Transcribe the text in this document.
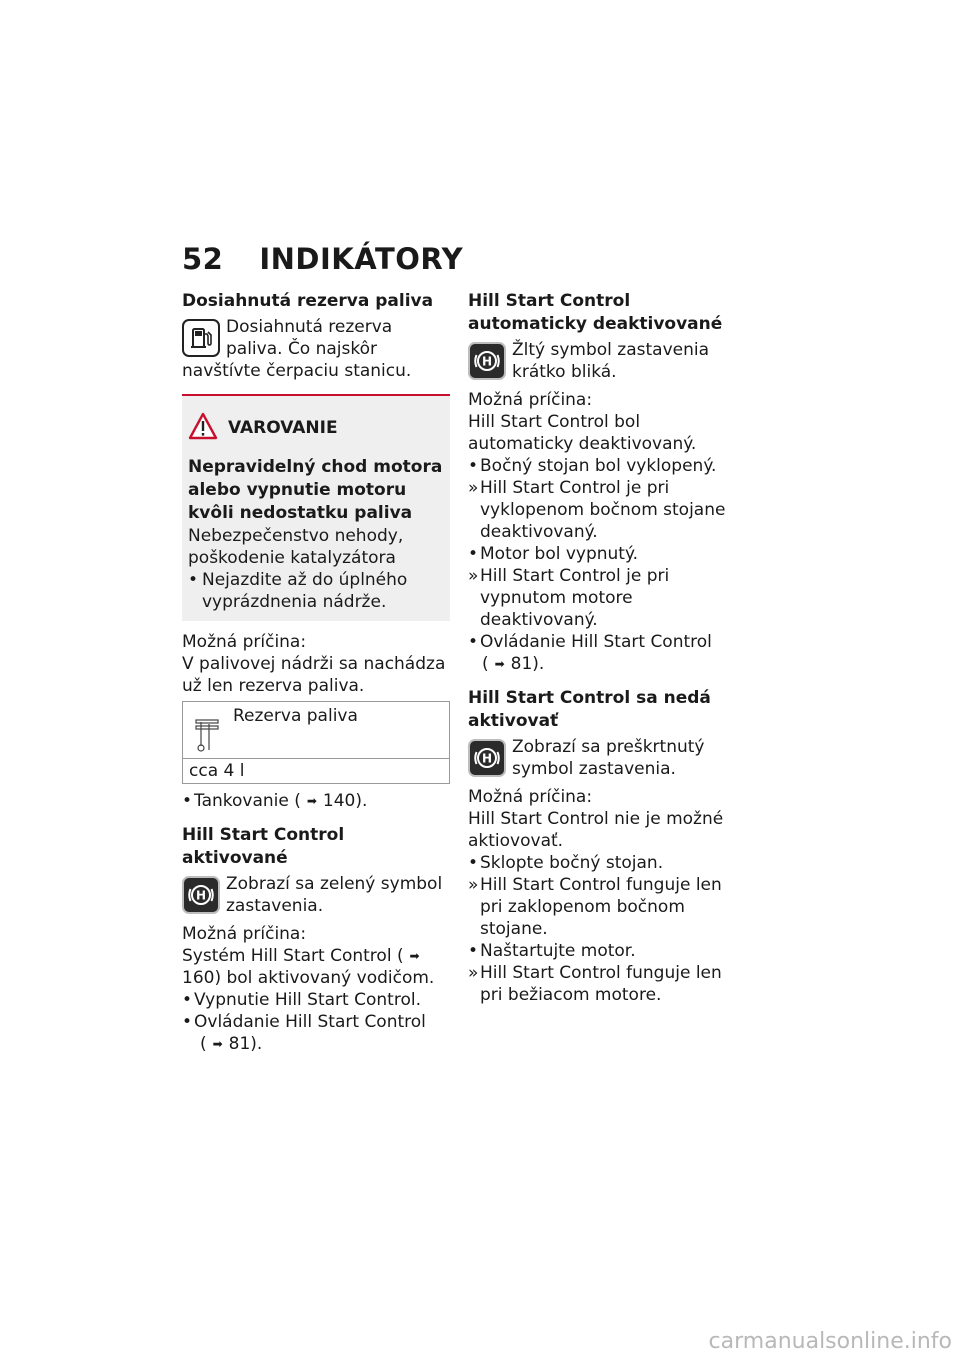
52 INDIKÁTORY
Dosiahnutá rezerva paliva

Dosiahnutá rezerva paliva. Čo najskôr navštívte čerpaciu stanicu.

VAROVANIE
Nepravidelný chod motora alebo vypnutie motoru kvôli nedostatku paliva

Nebezpečenstvo nehody, poškodenie katalyzátora

• Nejazdite až do úplného vyprázdnenia nádrže.

Možná príčina:

V palivovej nádrži sa nachádza už len rezerva paliva.

Rezerva paliva
cca 4 l
• Tankovanie ( ➡ 140).
Hill Start Control aktivované
H

Zobrazí sa zelený symbol zastavenia.

Možná príčina:

Systém Hill Start Control ( ➡160) bol aktivovaný vodičom.

• Vypnutie Hill Start Control.
• Ovládanie Hill Start Control
( ➡ 81).
Hill Start Control automaticky deaktivované
H

Žltý symbol zastavenia krátko bliká.

Možná príčina:

Hill Start Control bol automaticky deaktivovaný.

• Bočný stojan bol vyklopený.
» Hill Start Control je pri vyklopenom bočnom stojane deaktivovaný.
• Motor bol vypnutý.
» Hill Start Control je pri vypnutom motore deaktivovaný.
• Ovládanie Hill Start Control
( ➡ 81).
Hill Start Control sa nedá aktivovať
H

Zobrazí sa preškrtnutý symbol zastavenia.

Možná príčina:

Hill Start Control nie je možné aktiovovať.

• Sklopte bočný stojan.
» Hill Start Control funguje len pri zaklopenom bočnom stojane.
• Naštartujte motor.
» Hill Start Control funguje len pri bežiacom motore.
carmanualsonline.info
